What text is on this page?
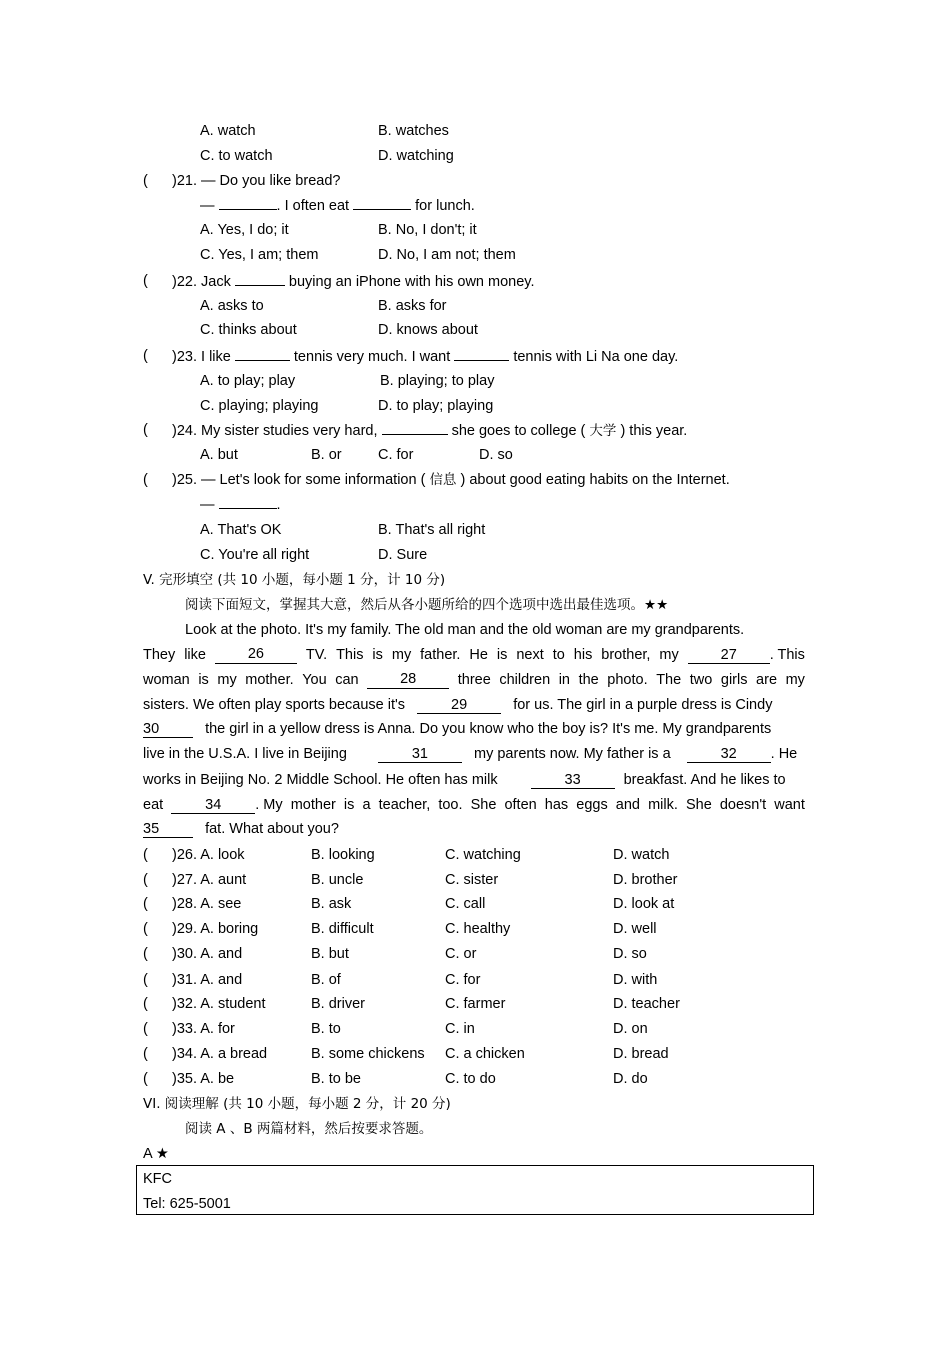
A. watch	B. watches
C. to watch	D. watching
( )21. — Do you like bread?
—	. I often eat	for lunch.
A. Yes, I do; it	B. No, I don't; it
C. Yes, I am; them	D. No, I am not; them
( )22. Jack	buying an iPhone with his own money.
A. asks to	B. asks for
C. thinks about	D. knows about
( )23. I like	tennis very much. I want	tennis with Li Na one day.
A. to play; play	B. playing; to play
C. playing; playing	D. to play; playing
( )24. My sister studies very hard,	she goes to college ( 大学 ) this year.
A. but	B. or	C. for	D. so
( )25. — Let's look for some information ( 信息 ) about good eating habits on the Internet.
—	.
A. That's OK	B. That's all right
C. You're all right	D. Sure
V. 完形填空 (共 10 小题，每小题 1 分，计 10 分)
阅读下面短文，掌握其大意，然后从各小题所给的四个选项中选出最佳选项。★★
Look at the photo. It's my family. The old man and the old woman are my grandparents.
They like	26	TV. This is my father. He is next to his brother, my	27 . This
woman is my mother. You can	28	three children in the photo. The two girls are my
sisters. We often play sports because it's	29	for us. The girl in a purple dress is Cindy
30	the girl in a yellow dress is Anna. Do you know who the boy is? It's me. My grandparents
live in the U.S.A. I live in Beijing	31	my parents now. My father is a	32 . He
works in Beijing No. 2 Middle School. He often has milk	33	breakfast. And he likes to
eat	34 . My mother is a teacher, too. She often has eggs and milk. She doesn't want
35	fat. What about you?
( )26. A. look	B. looking	C. watching	D. watch
( )27. A. aunt	B. uncle	C. sister	D. brother
( )28. A. see	B. ask	C. call	D. look at
( )29. A. boring	B. difficult	C. healthy	D. well
( )30. A. and	B. but	C. or	D. so
( )31. A. and	B. of	C. for	D. with
( )32. A. student	B. driver	C. farmer	D. teacher
( )33. A. for	B. to	C. in	D. on
( )34. A. a bread	B. some chickens C. a chicken	D. bread
( )35. A. be	B. to be	C. to do	D. do
VI. 阅读理解 (共 10 小题，每小题 2 分，计 20 分)
阅读 A 、B 两篇材料，然后按要求答题。
A ★
KFC
Tel: 625-5001
